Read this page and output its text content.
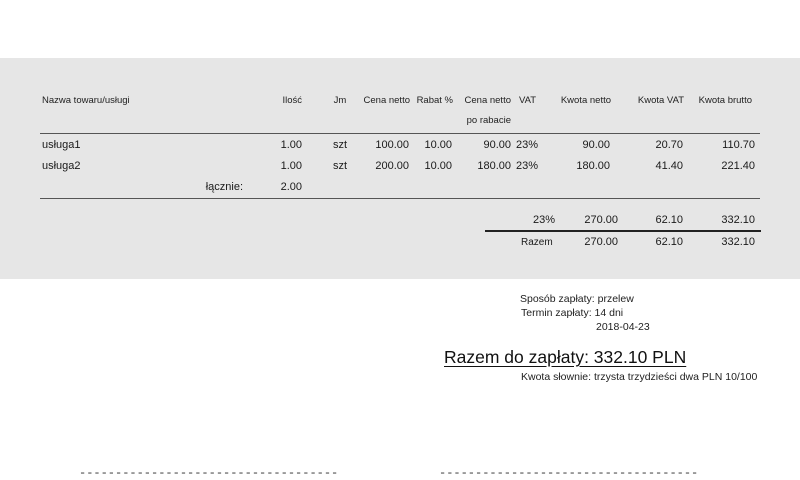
Nazwa towaru/usługi	Ilość	Jm	Cena netto Rabat %	Cena netto
po rabacie
VAT	Kwota netto	Kwota VAT	Kwota brutto
usługa1	1.00	szt	100.00	10.00	90.00 23%	90.00	20.70	110.70
usługa2	1.00	szt	200.00	10.00	180.00 23%	180.00	41.40	221.40
łącznie:	2.00
23%	270.00	62.10	332.10
Razem	270.00	62.10	332.10
Sposób zapłaty: przelew
Termin zapłaty: 14 dni
2018-04-23
Razem do zapłaty: 332.10 PLN
Kwota słownie: trzysta trzydzieści dwa PLN 10/100
------------------------------------	------------------------------------
